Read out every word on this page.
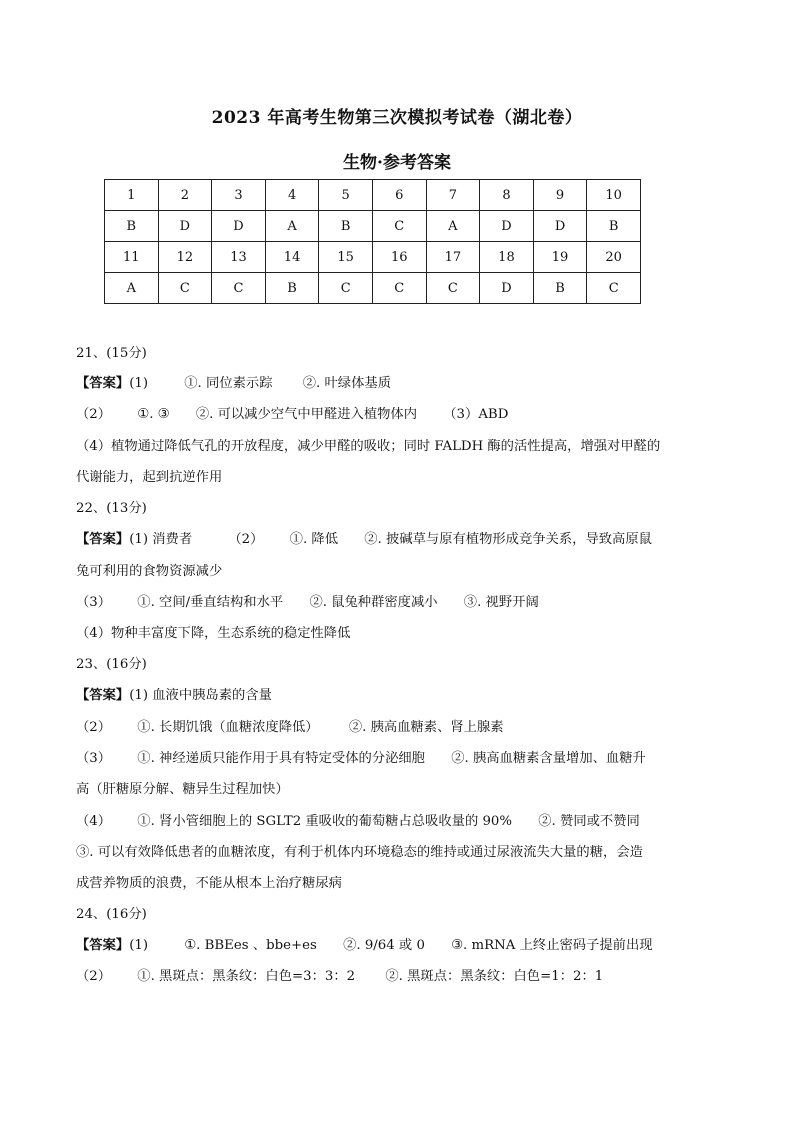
2023 年高考生物第三次模拟考试卷（湖北卷）
生物·参考答案
1	2	3	4	5	6	7	8	9	10
B	D	D	A	B	C	A	D	D	B
11	12	13	14	15	16	17	18	19	20
A	C	C	B	C	C	C	D	B	C
21、(15分)
【答案】(1)	①. 同位素示踪 ②. 叶绿体基质
（2） ①. ③ ②. 可以减少空气中甲醛进入植物体内 （3）ABD
（4）植物通过降低气孔的开放程度，减少甲醛的吸收；同时 FALDH 酶的活性提高，增强对甲醛的
代谢能力，起到抗逆作用
22、(13分)
【答案】(1) 消费者	（2） ①. 降低 ②. 披碱草与原有植物形成竞争关系，导致高原鼠
兔可利用的食物资源减少
（3） ①. 空间/垂直结构和水平 ②. 鼠兔种群密度减小 ③. 视野开阔
（4）物种丰富度下降，生态系统的稳定性降低
23、(16分)
【答案】(1) 血液中胰岛素的含量
（2） ①. 长期饥饿（血糖浓度降低） ②. 胰高血糖素、肾上腺素
（3） ①. 神经递质只能作用于具有特定受体的分泌细胞 ②. 胰高血糖素含量增加、血糖升
高（肝糖原分解、糖异生过程加快）
（4） ①. 肾小管细胞上的 SGLT2 重吸收的葡萄糖占总吸收量的 90% ②. 赞同或不赞同
③. 可以有效降低患者的血糖浓度，有利于机体内环境稳态的维持或通过尿液流失大量的糖，会造
成营养物质的浪费，不能从根本上治疗糖尿病
24、(16分)
【答案】(1)	①. BBEes 、bbe+es ②. 9/64 或 0 ③. mRNA 上终止密码子提前出现
（2） ①. 黑斑点：黑条纹：白色=3：3：2 ②. 黑斑点：黑条纹：白色=1：2：1
